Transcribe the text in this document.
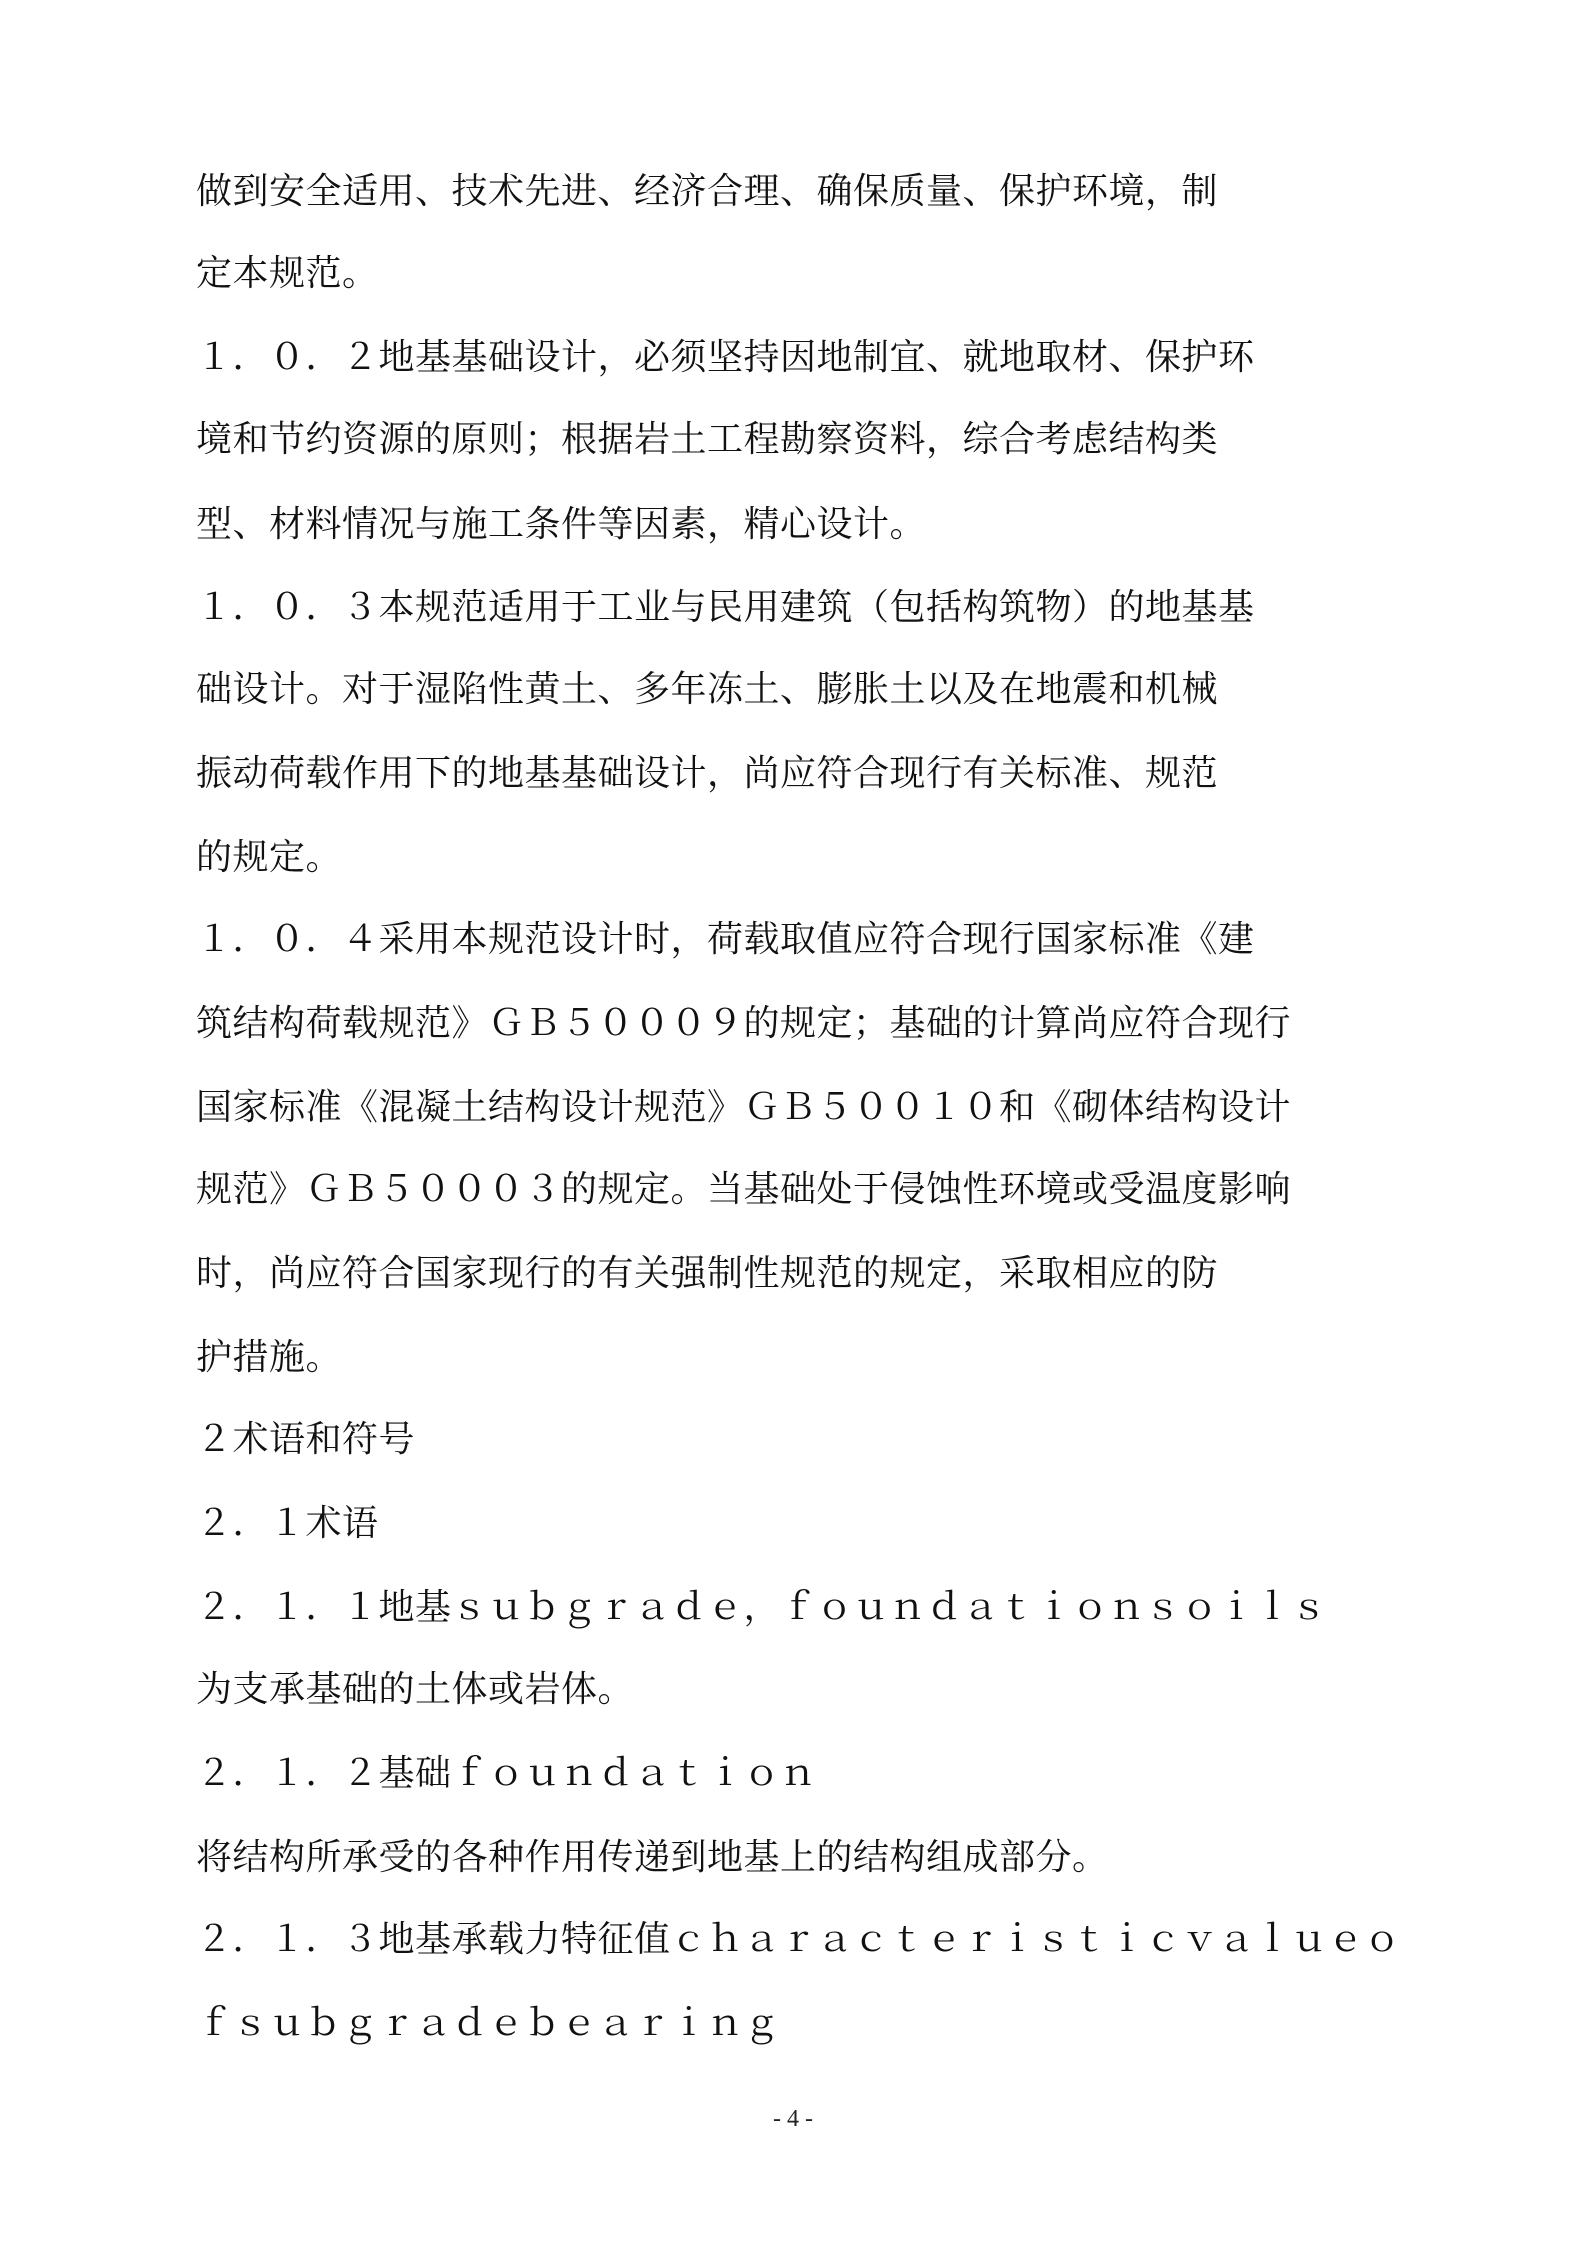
做到安全适用、技术先进、经济合理、确保质量、保护环境，制
定本规范。
１．０．２地基基础设计，必须坚持因地制宜、就地取材、保护环
境和节约资源的原则；根据岩土工程勘察资料，综合考虑结构类
型、材料情况与施工条件等因素，精心设计。
１．０．３本规范适用于工业与民用建筑（包括构筑物）的地基基
础设计。对于湿陷性黄土、多年冻土、膨胀土以及在地震和机械
振动荷载作用下的地基基础设计，尚应符合现行有关标准、规范
的规定。
１．０．４采用本规范设计时，荷载取值应符合现行国家标准《建
筑结构荷载规范》ＧＢ５０００９的规定；基础的计算尚应符合现行
国家标准《混凝土结构设计规范》ＧＢ５００１０和《砌体结构设计
规范》ＧＢ５０００３的规定。当基础处于侵蚀性环境或受温度影响
时，尚应符合国家现行的有关强制性规范的规定，采取相应的防
护措施。
２术语和符号
２．１术语
２．１．１地基ｓｕｂｇｒａｄｅ，ｆｏｕｎｄａｔｉｏｎｓｏｉｌｓ
为支承基础的土体或岩体。
２．１．２基础ｆｏｕｎｄａｔｉｏｎ
将结构所承受的各种作用传递到地基上的结构组成部分。
２．１．３地基承载力特征值ｃｈａｒａｃｔｅｒｉｓｔｉｃｖａｌｕｅｏ
ｆｓｕｂｇｒａｄｅｂｅａｒｉｎｇ
- 4 -
